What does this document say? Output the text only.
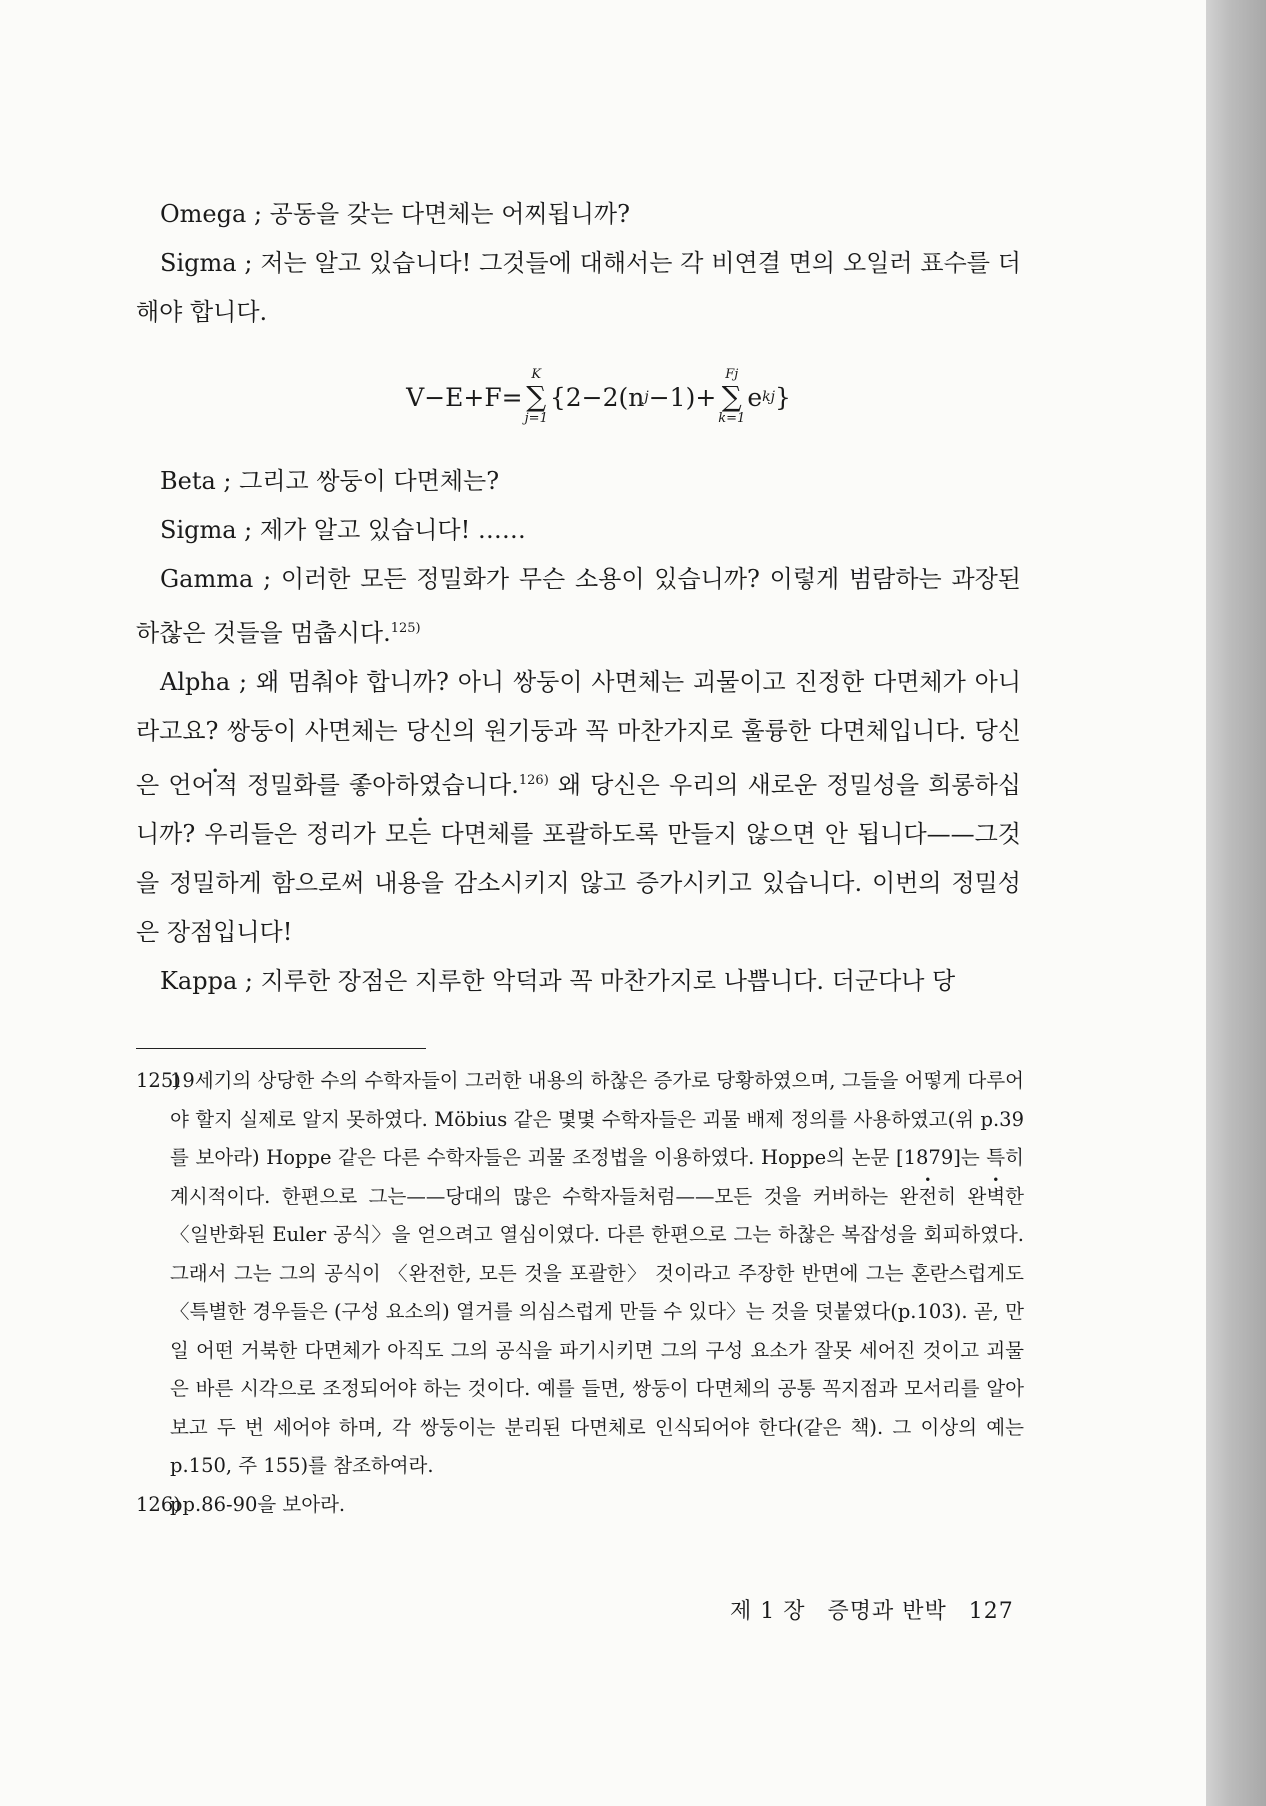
Omega ; 공동을 갖는 다면체는 어찌됩니까?

Sigma ; 저는 알고 있습니다! 그것들에 대해서는 각 비연결 면의 오일러 표수를 더해야 합니다.

V−E+F=
K
∑
j=1
{2−2(n j −1)+
Fj
∑
k=1
e kj }

Beta ; 그리고 쌍둥이 다면체는?

Sigma ; 제가 알고 있습니다! ……

Gamma ; 이러한 모든 정밀화가 무슨 소용이 있습니까? 이렇게 범람하는 과장된 하찮은 것들을 멈춥시다.$^{125)}$

Alpha ; 왜 멈춰야 합니까? 아니 쌍둥이 사면체는 괴물이고 진정한 다면체가 아니라고요? 쌍둥이 사면체는 당신의 원기둥과 꼭 마찬가지로 훌륭한 다면체입니다. 당신은 언어적 정밀화를 좋아하였습니다.$^{126)}$ 왜 당신은 우리의 새로운 정밀성을 희롱하십니까? 우리들은 정리가 모든 다면체를 포괄하도록 만들지 않으면 안 됩니다——그것을 정밀하게 함으로써 내용을 감소시키지 않고 증가시키고 있습니다. 이번의 정밀성은 장점입니다!

Kappa ; 지루한 장점은 지루한 악덕과 꼭 마찬가지로 나쁩니다. 더군다나 당

125)
19세기의 상당한 수의 수학자들이 그러한 내용의 하찮은 증가로 당황하였으며, 그들을 어떻게 다루어야 할지 실제로 알지 못하였다. Möbius 같은 몇몇 수학자들은 괴물 배제 정의를 사용하였고(위 p.39를 보아라) Hoppe 같은 다른 수학자들은 괴물 조정법을 이용하였다. Hoppe의 논문 [1879]는 특히 계시적이다. 한편으로 그는——당대의 많은 수학자들처럼——모든 것을 커버하는 완전히 완벽한 〈일반화된 Euler 공식〉을 얻으려고 열심이였다. 다른 한편으로 그는 하찮은 복잡성을 회피하였다. 그래서 그는 그의 공식이 〈완전한, 모든 것을 포괄한〉 것이라고 주장한 반면에 그는 혼란스럽게도 〈특별한 경우들은 (구성 요소의) 열거를 의심스럽게 만들 수 있다〉는 것을 덧붙였다(p.103). 곧, 만일 어떤 거북한 다면체가 아직도 그의 공식을 파기시키면 그의 구성 요소가 잘못 세어진 것이고 괴물은 바른 시각으로 조정되어야 하는 것이다. 예를 들면, 쌍둥이 다면체의 공통 꼭지점과 모서리를 알아보고 두 번 세어야 하며, 각 쌍둥이는 분리된 다면체로 인식되어야 한다(같은 책). 그 이상의 예는 p.150, 주 155)를 참조하여라.
126)
pp.86-90을 보아라.
제 1 장 증명과 반박 127
